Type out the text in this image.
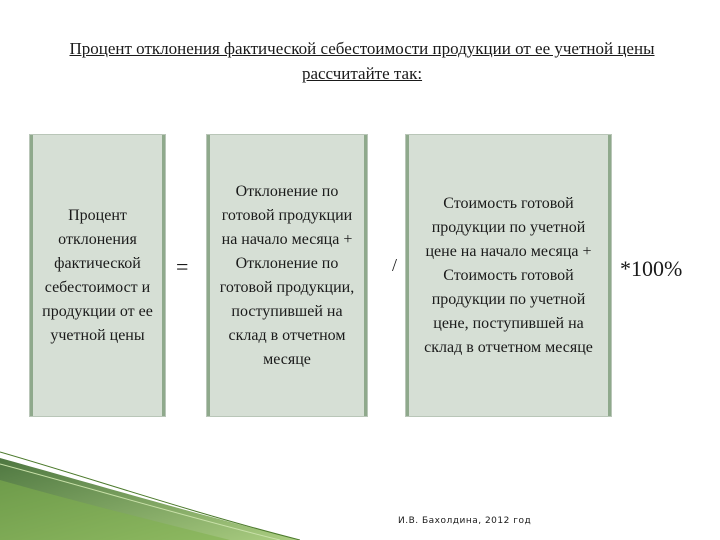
Процент отклонения фактической себестоимости продукции от ее учетной цены рассчитайте так:
Процент отклонения фактической себестоимост и продукции от ее учетной цены
=
Отклонение по готовой продукции на начало месяца + Отклонение по готовой продукции, поступившей на склад в отчетном месяце
/
Стоимость готовой продукции по учетной цене на начало месяца + Стоимость готовой продукции по учетной цене, поступившей на склад в отчетном месяце
*100%
И.В. Бахолдина, 2012 год
